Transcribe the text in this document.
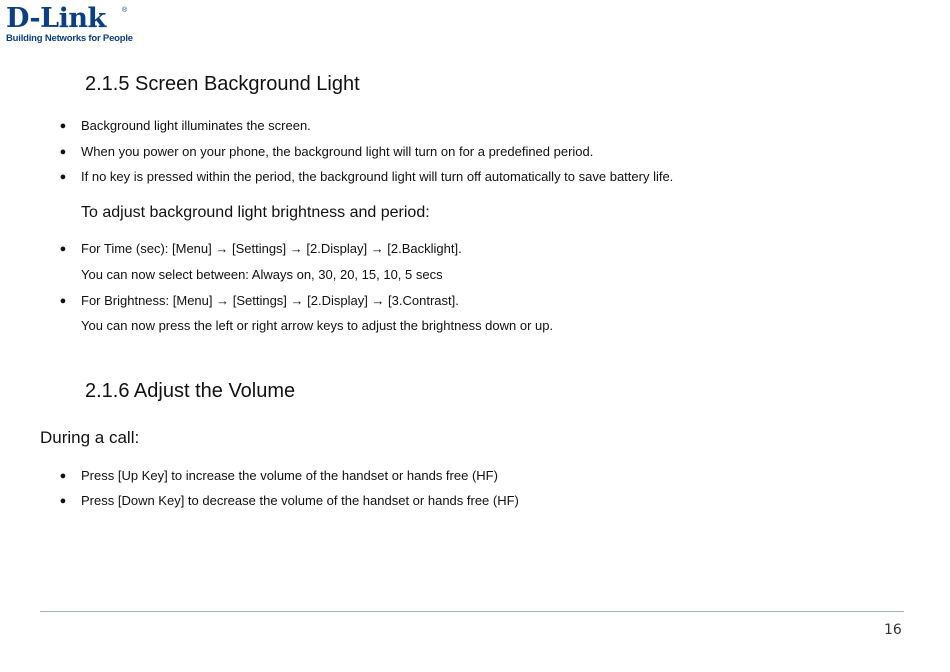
D-Link ®
Building Networks for People
2.1.5 Screen Background Light
● Background light illuminates the screen.
● When you power on your phone, the background light will turn on for a predefined period.
● If no key is pressed within the period, the background light will turn off automatically to save battery life.
To adjust background light brightness and period:
● For Time (sec): [Menu] → [Settings] → [2.Display] → [2.Backlight].
You can now select between: Always on, 30, 20, 15, 10, 5 secs
● For Brightness: [Menu] → [Settings] → [2.Display] → [3.Contrast].
You can now press the left or right arrow keys to adjust the brightness down or up.
2.1.6 Adjust the Volume
During a call:
● Press [Up Key] to increase the volume of the handset or hands free (HF)
● Press [Down Key] to decrease the volume of the handset or hands free (HF)
16
